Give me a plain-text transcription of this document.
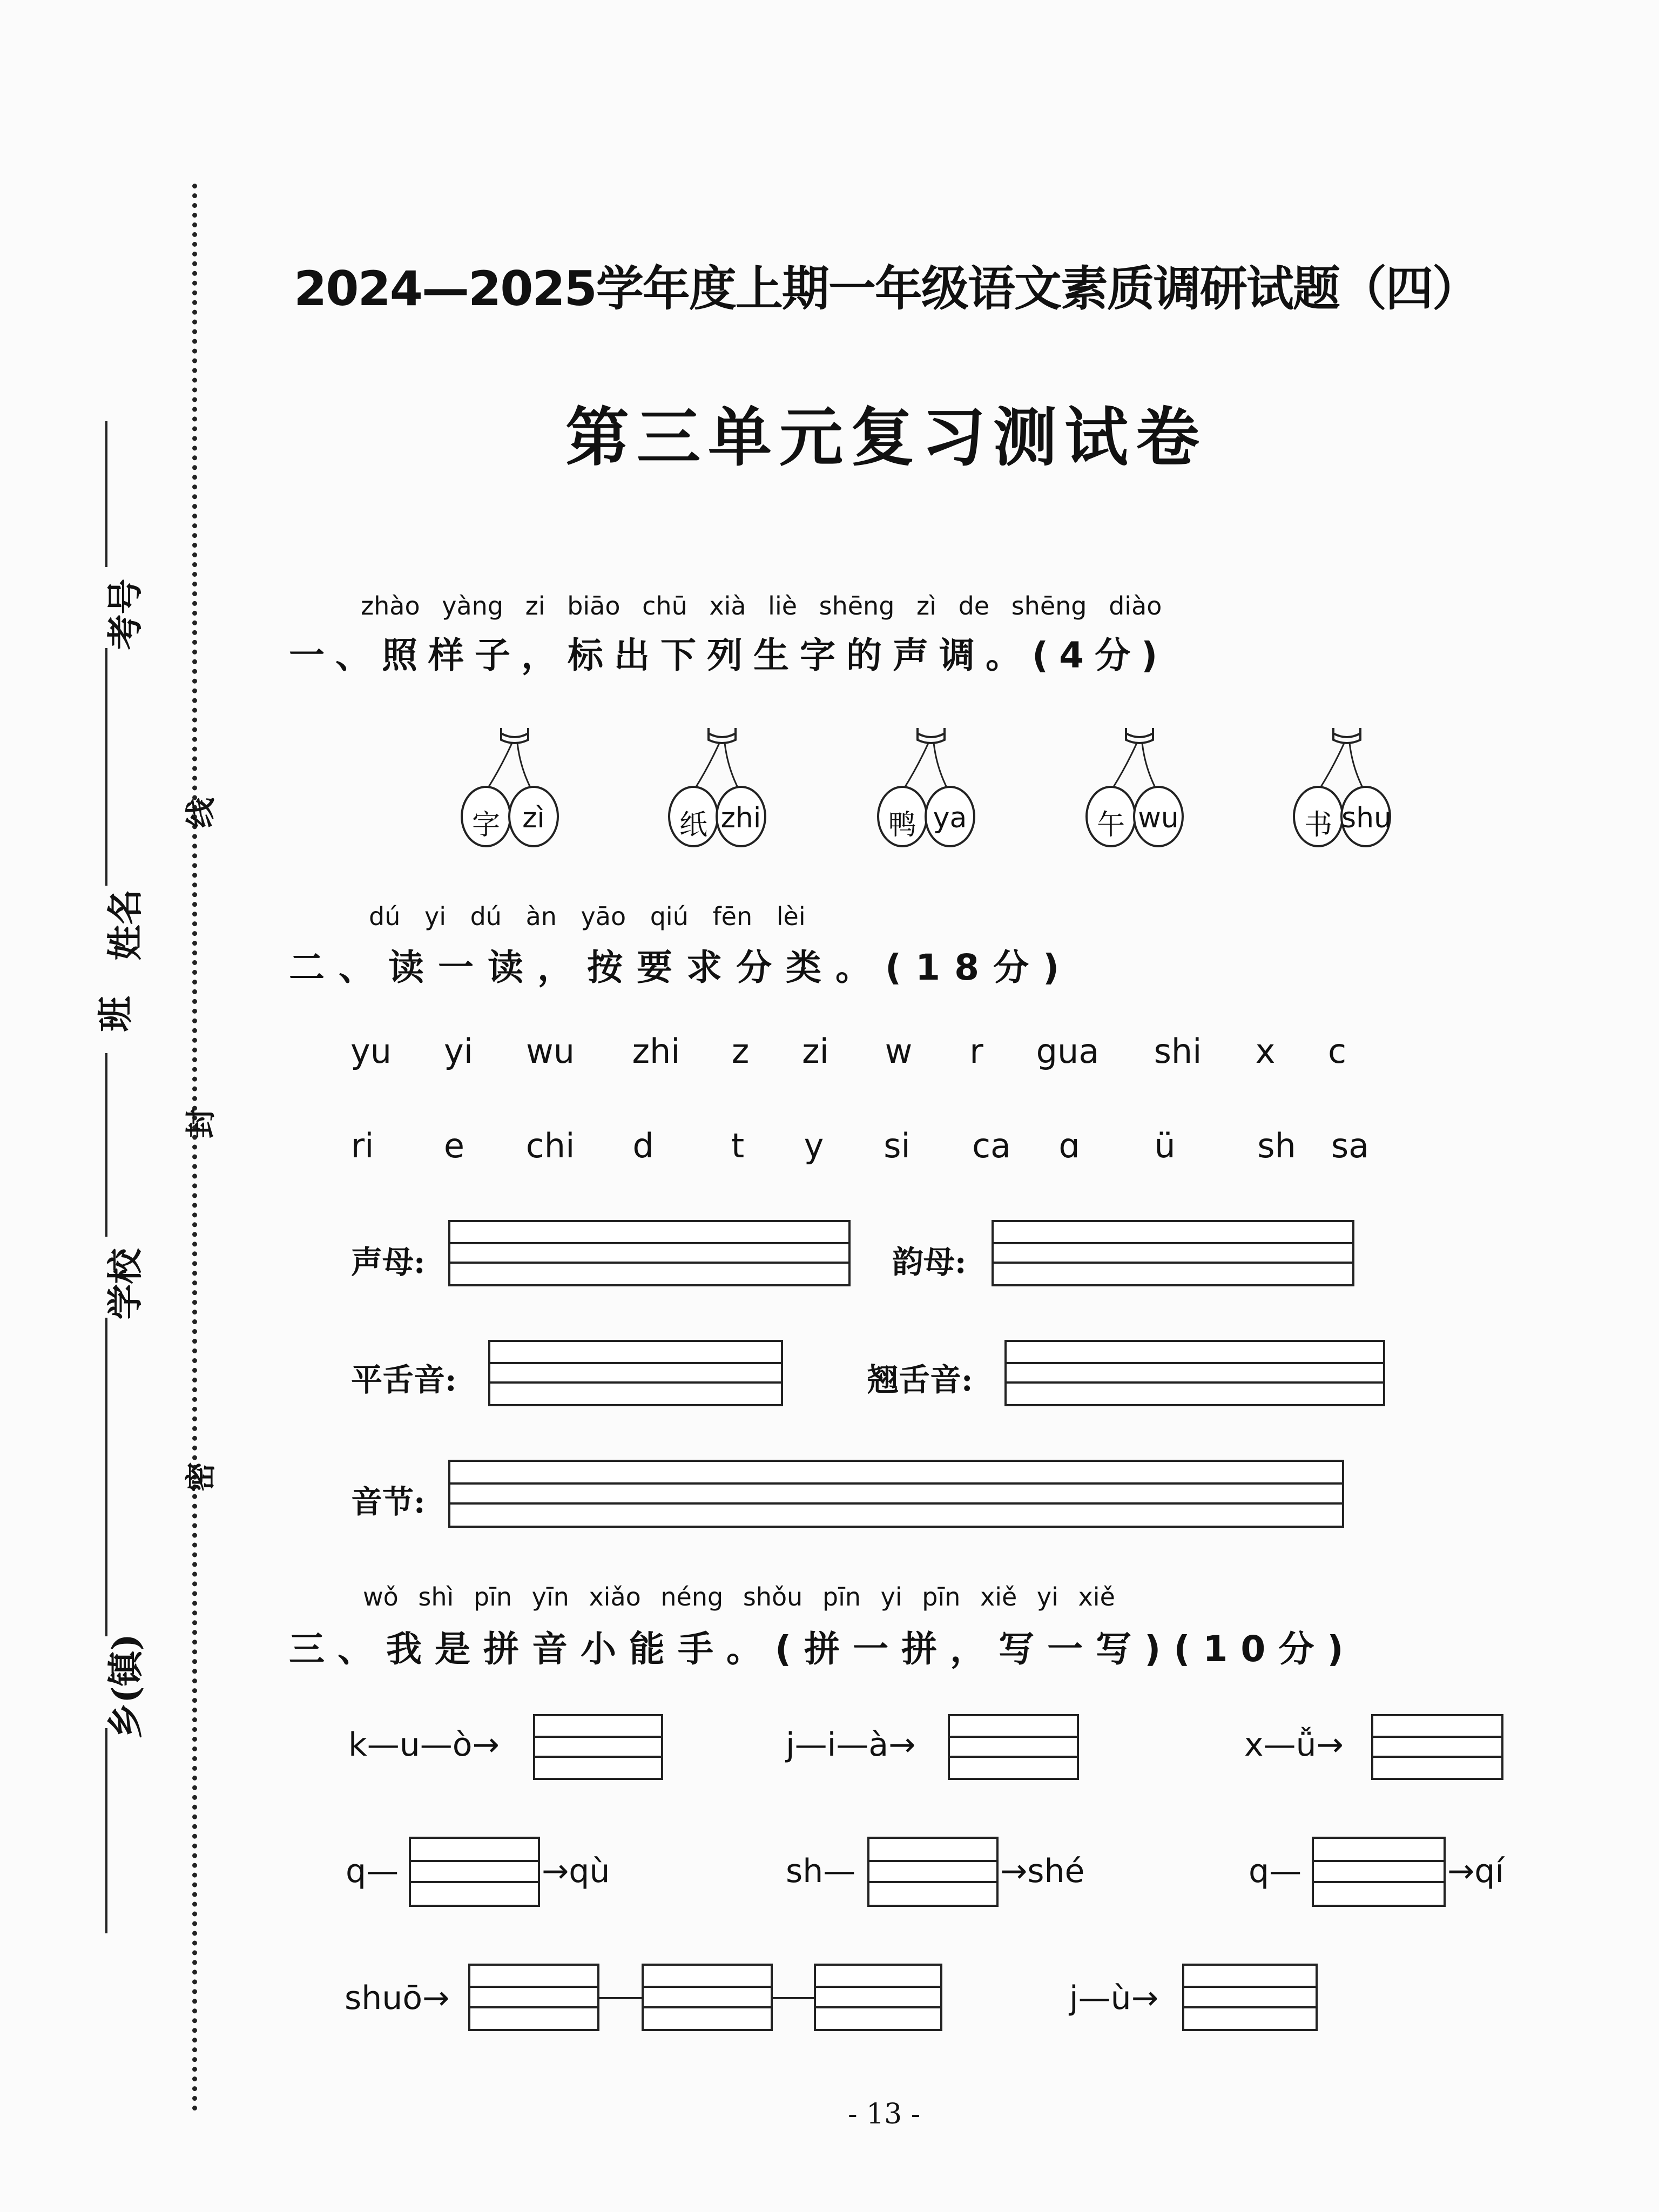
考号
姓名
班
学校
乡(镇)
线
封
密
2024—2025学年度上期一年级语文素质调研试题（四）
第三单元复习测试卷
zhào yàng zi biāo chū xià liè shēng zì de shēng diào
一、照样子，标出下列生字的声调。(4分)
字 zì	纸 zhi	鸭 ya	午 wu	书 shu
dú yi dú àn yāo qiú fēn lèi
二、读一读，按要求分类。(18分)
yu yi wu zhi z zi w r gua shi x c
ri e chi d t y si ca ɑ ü sh sa
声母:	韵母:
平舌音:	翘舌音:
音节:
wǒ shì pīn yīn xiǎo néng shǒu pīn yi pīn xiě yi xiě
三、我是拼音小能手。(拼一拼，写一写)(10分)
k—u—ò→	j—i—à→	x—ǚ→
q—	→qù	sh—	→shé	q—	→qí
shuō→	j—ù→
- 13 -
